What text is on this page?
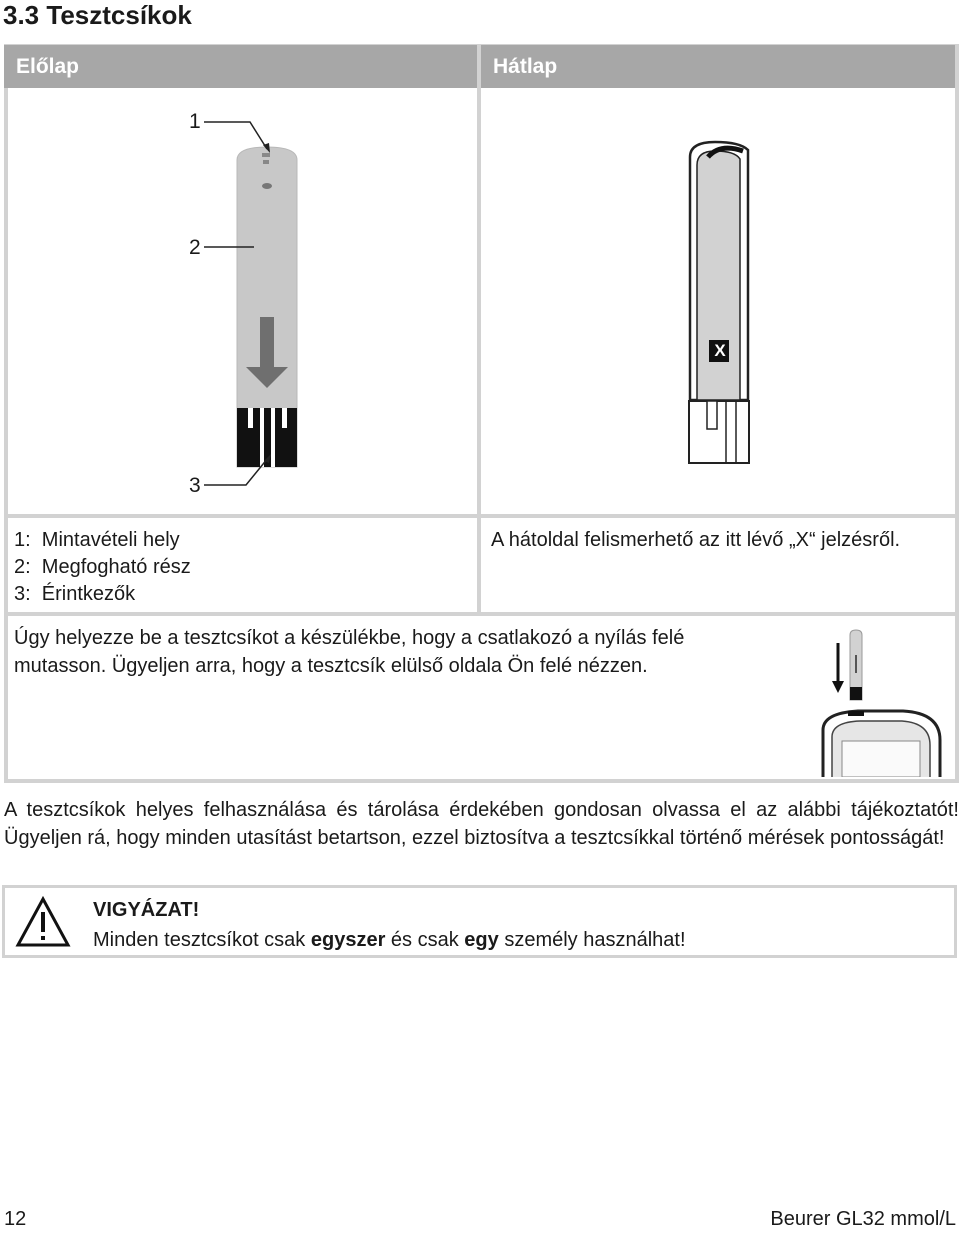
3.3 Tesztcsíkok
Előlap	Hátlap
1
2
3
X
1:  Mintavételi hely
2:  Megfogható rész
3:  Érintkezők
A hátoldal felismerhető az itt lévő „X“ jelzésről.
Úgy helyezze be a tesztcsíkot a készülékbe, hogy a csatlakozó a nyílás felé
mutasson. Ügyeljen arra, hogy a tesztcsík elülső oldala Ön felé nézzen.
A tesztcsíkok helyes felhasználása és tárolása érdekében gondosan olvassa el az alábbi tájékoztatót! Ügyeljen rá, hogy minden utasítást betartson, ezzel biztosítva a tesztcsíkkal történő mérések pontosságát!
VIGYÁZAT!
Minden tesztcsíkot csak egyszer és csak egy személy használhat!
12	Beurer GL32 mmol/L
